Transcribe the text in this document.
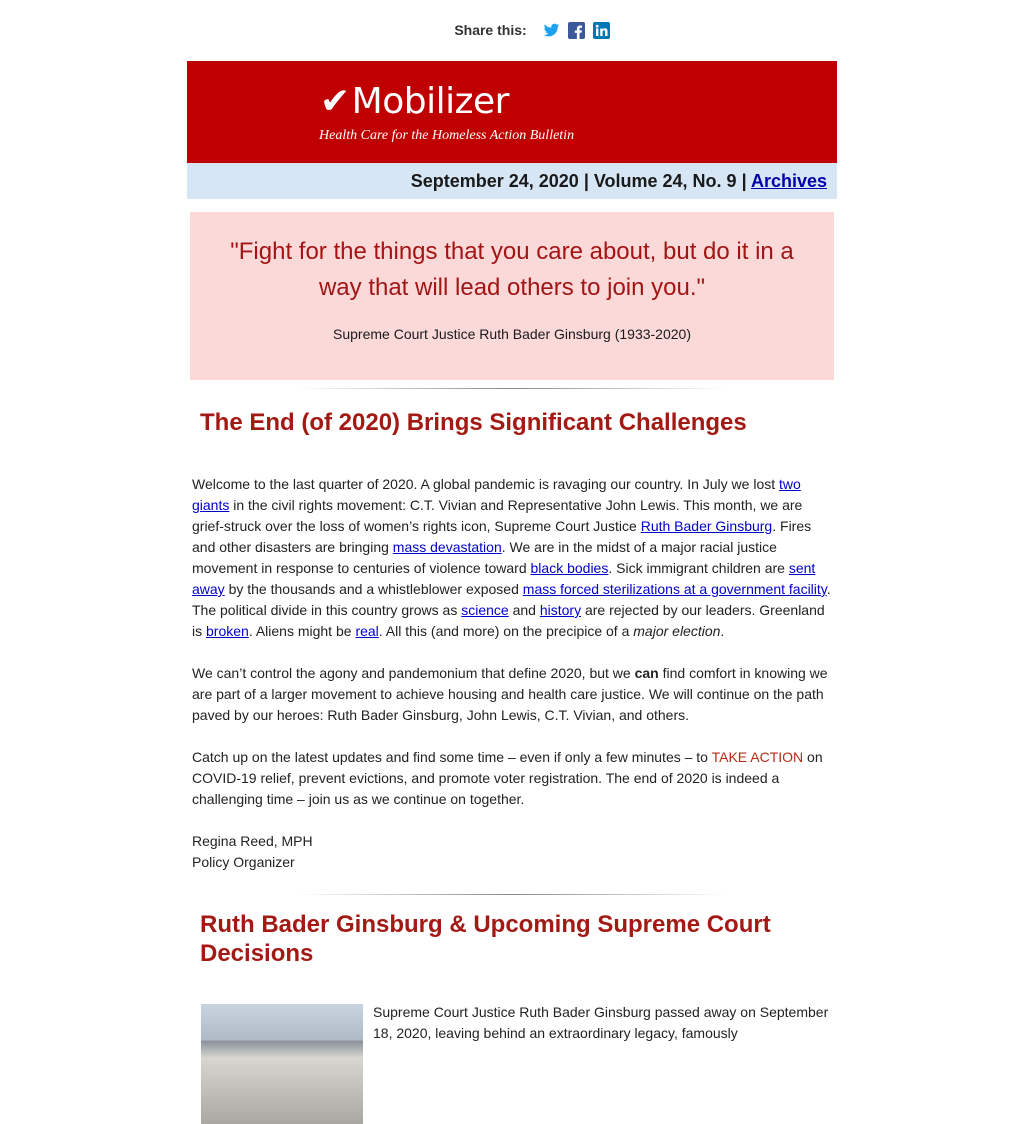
Share this:
✔Mobilizer
Health Care for the Homeless Action Bulletin
September 24, 2020 | Volume 24, No. 9 | Archives
"Fight for the things that you care about, but do it in a way that will lead others to join you."
Supreme Court Justice Ruth Bader Ginsburg (1933-2020)
The End (of 2020) Brings Significant Challenges

Welcome to the last quarter of 2020. A global pandemic is ravaging our country. In July we lost two giants in the civil rights movement: C.T. Vivian and Representative John Lewis. This month, we are grief-struck over the loss of women’s rights icon, Supreme Court Justice Ruth Bader Ginsburg. Fires and other disasters are bringing mass devastation. We are in the midst of a major racial justice movement in response to centuries of violence toward black bodies. Sick immigrant children are sent away by the thousands and a whistleblower exposed mass forced sterilizations at a government facility. The political divide in this country grows as science and history are rejected by our leaders. Greenland is broken. Aliens might be real. All this (and more) on the precipice of a major election.

We can’t control the agony and pandemonium that define 2020, but we can find comfort in knowing we are part of a larger movement to achieve housing and health care justice. We will continue on the path paved by our heroes: Ruth Bader Ginsburg, John Lewis, C.T. Vivian, and others.

Catch up on the latest updates and find some time – even if only a few minutes – to TAKE ACTION on COVID-19 relief, prevent evictions, and promote voter registration. The end of 2020 is indeed a challenging time – join us as we continue on together.

Regina Reed, MPH
Policy Organizer

Ruth Bader Ginsburg & Upcoming Supreme Court Decisions
Supreme Court Justice Ruth Bader Ginsburg passed away on September 18, 2020, leaving behind an extraordinary legacy, famously
